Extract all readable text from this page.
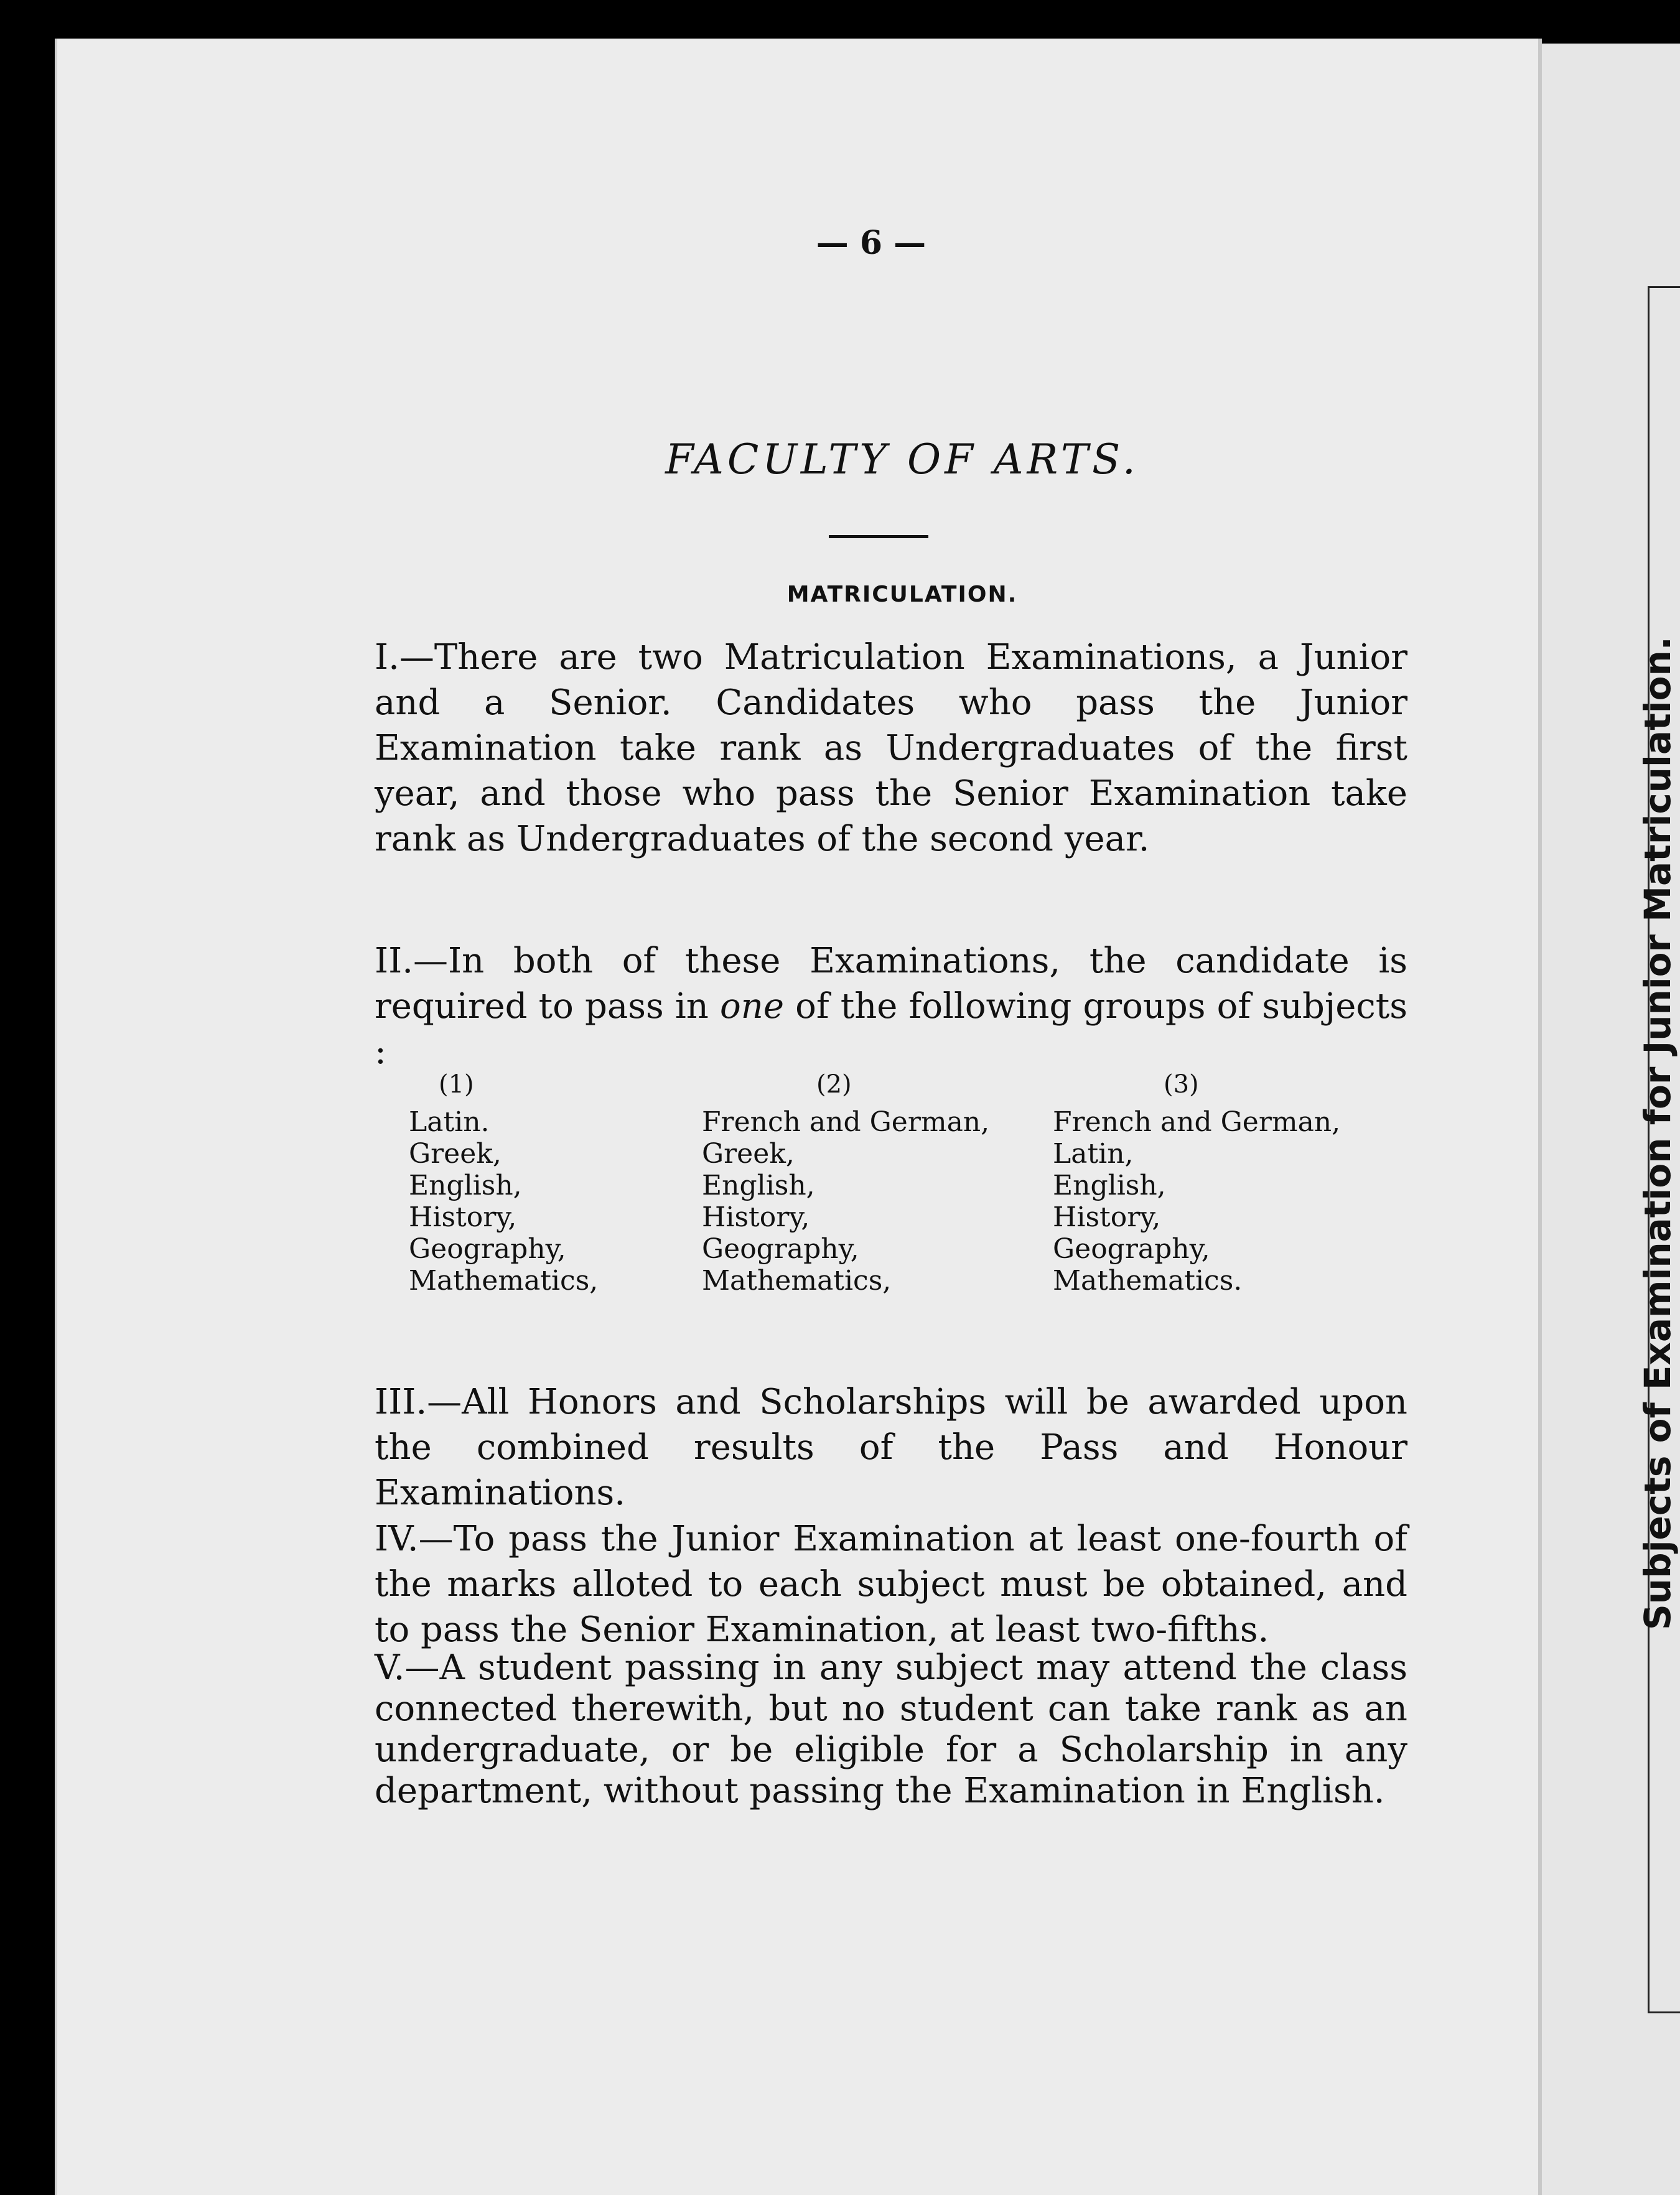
Subjects of Examination for Junior Matriculation.
— 6 —
FACULTY OF ARTS.
MATRICULATION.

I.—There are two Matriculation Examinations, a Junior and a Senior. Candidates who pass the Junior Examination take rank as Undergraduates of the first year, and those who pass the Senior Examination take rank as Undergraduates of the second year.

II.—In both of these Examinations, the candidate is required to pass in one of the following groups of subjects :

(1)	(2)	(3)
Latin.
Greek,
English,
History,
Geography,
Mathematics,
French and German,
Greek,
English,
History,
Geography,
Mathematics,
French and German,
Latin,
English,
History,
Geography,
Mathematics.

III.—All Honors and Scholarships will be awarded upon the combined results of the Pass and Honour Examinations.

IV.—To pass the Junior Examination at least one-fourth of the marks alloted to each subject must be obtained, and to pass the Senior Examination, at least two-fifths.

V.—A student passing in any subject may attend the class connected therewith, but no student can take rank as an undergraduate, or be eligible for a Scholarship in any department, without passing the Examination in English.
